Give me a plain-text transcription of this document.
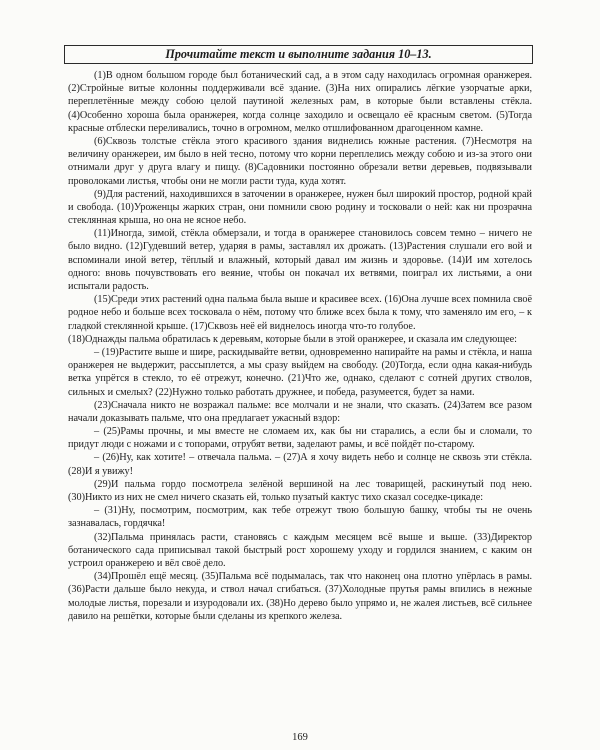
Прочитайте текст и выполните задания 10–13.

(1)В одном большом городе был ботанический сад, а в этом саду находилась огромная оранжерея. (2)Стройные витые колонны поддерживали всё здание. (3)На них опирались лёгкие узорчатые арки, переплетённые между собою целой паутиной железных рам, в которые были вставлены стёкла. (4)Особенно хороша была оранжерея, когда солнце заходило и освещало её красным светом. (5)Тогда красные отблески переливались, точно в огромном, мелко отшлифованном драгоценном камне.

(6)Сквозь толстые стёкла этого красивого здания виднелись южные растения. (7)Несмотря на величину оранжереи, им было в ней тесно, потому что корни переплелись между собою и из-за этого они отнимали друг у друга влагу и пищу. (8)Садовники постоянно обрезали ветви деревьев, подвязывали проволоками листья, чтобы они не могли расти туда, куда хотят.

(9)Для растений, находившихся в заточении в оранжерее, нужен был широкий простор, родной край и свобода. (10)Уроженцы жарких стран, они помнили свою родину и тосковали о ней: как ни прозрачна стеклянная крыша, но она не ясное небо.

(11)Иногда, зимой, стёкла обмерзали, и тогда в оранжерее становилось совсем темно – ничего не было видно. (12)Гудевший ветер, ударяя в рамы, заставлял их дрожать. (13)Растения слушали его вой и вспоминали иной ветер, тёплый и влажный, который давал им жизнь и здоровье. (14)И им хотелось одного: вновь почувствовать его веяние, чтобы он покачал их ветвями, поиграл их листьями, а они испытали радость.

(15)Среди этих растений одна пальма была выше и красивее всех. (16)Она лучше всех помнила своё родное небо и больше всех тосковала о нём, потому что ближе всех была к тому, что заменяло им его, – к гладкой стеклянной крыше. (17)Сквозь неё ей виднелось иногда что-то голубое.

(18)Однажды пальма обратилась к деревьям, которые были в этой оранжерее, и сказала им следующее:

– (19)Растите выше и шире, раскидывайте ветви, одновременно напирайте на рамы и стёкла, и наша оранжерея не выдержит, рассыплется, а мы сразу выйдем на свободу. (20)Тогда, если одна какая-нибудь ветка упрётся в стекло, то её отрежут, конечно. (21)Что же, однако, сделают с сотней других стволов, сильных и смелых? (22)Нужно только работать дружнее, и победа, разумеется, будет за нами.

(23)Сначала никто не возражал пальме: все молчали и не знали, что сказать. (24)Затем все разом начали доказывать пальме, что она предлагает ужасный вздор:

– (25)Рамы прочны, и мы вместе не сломаем их, как бы ни старались, а если бы и сломали, то придут люди с ножами и с топорами, отрубят ветви, заделают рамы, и всё пойдёт по-старому.

– (26)Ну, как хотите! – отвечала пальма. – (27)А я хочу видеть небо и солнце не сквозь эти стёкла. (28)И я увижу!

(29)И пальма гордо посмотрела зелёной вершиной на лес товарищей, раскинутый под нею. (30)Никто из них не смел ничего сказать ей, только пузатый кактус тихо сказал соседке-цикаде:

– (31)Ну, посмотрим, посмотрим, как тебе отрежут твою большую башку, чтобы ты не очень зазнавалась, гордячка!

(32)Пальма принялась расти, становясь с каждым месяцем всё выше и выше. (33)Директор ботанического сада приписывал такой быстрый рост хорошему уходу и гордился знанием, с каким он устроил оранжерею и вёл своё дело.

(34)Прошёл ещё месяц. (35)Пальма всё подымалась, так что наконец она плотно упёрлась в рамы. (36)Расти дальше было некуда, и ствол начал сгибаться. (37)Холодные прутья рамы впились в нежные молодые листья, порезали и изуродовали их. (38)Но дерево было упрямо и, не жалея листьев, всё сильнее давило на решётки, которые были сделаны из крепкого железа.

169
